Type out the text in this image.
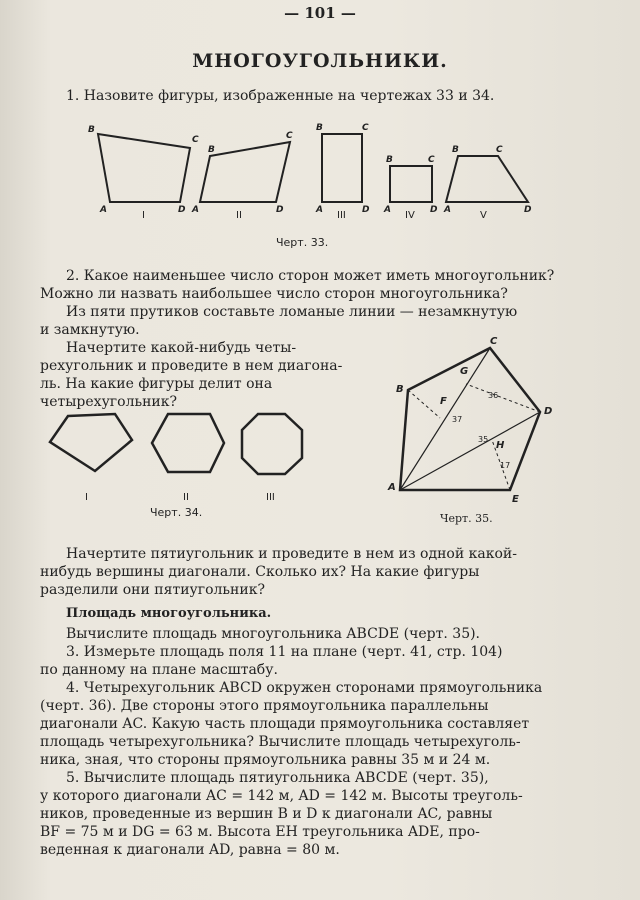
— 101 —
МНОГОУГОЛЬНИКИ.
1. Назовите фигуры, изображенные на чертежах 33 и 34.
B
C
A	D
B
C
A	D
B	C
A	D
B	C
A	D
B	C
A	D
I	II	III	IV	V
Черт. 33.
2. Какое наименьшее число сторон может иметь многоугольник?
Можно ли назвать наибольшее число сторон многоугольника?
Из пяти прутиков составьте ломаные линии — незамкнутую
и замкнутую.
Начертите какой-нибудь четы-
рехугольник и проведите в нем диагона-
ль. На какие фигуры делит она
четырехугольник?
I	II	III
Черт. 34.
A
B
C
D
E
F
G
H
37
36
35
17
Черт. 35.
Начертите пятиугольник и проведите в нем из одной какой-
нибудь вершины диагонали. Сколько их? На какие фигуры
разделили они пятиугольник?
Площадь многоугольника.
Вычислите площадь многоугольника ABCDE (черт. 35).
3. Измерьте площадь поля 11 на плане (черт. 41, стр. 104)
по данному на плане масштабу.
4. Четырехугольник ABCD окружен сторонами прямоугольника
(черт. 36). Две стороны этого прямоугольника параллельны
диагонали AC. Какую часть площади прямоугольника составляет
площадь четырехугольника? Вычислите площадь четырехуголь-
ника, зная, что стороны прямоугольника равны 35 м и 24 м.
5. Вычислите площадь пятиугольника ABCDE (черт. 35),
у которого диагонали AC = 142 м, AD = 142 м. Высоты треуголь-
ников, проведенные из вершин B и D к диагонали AC, равны
BF = 75 м и DG = 63 м. Высота EH треугольника ADE, про-
веденная к диагонали AD, равна = 80 м.
